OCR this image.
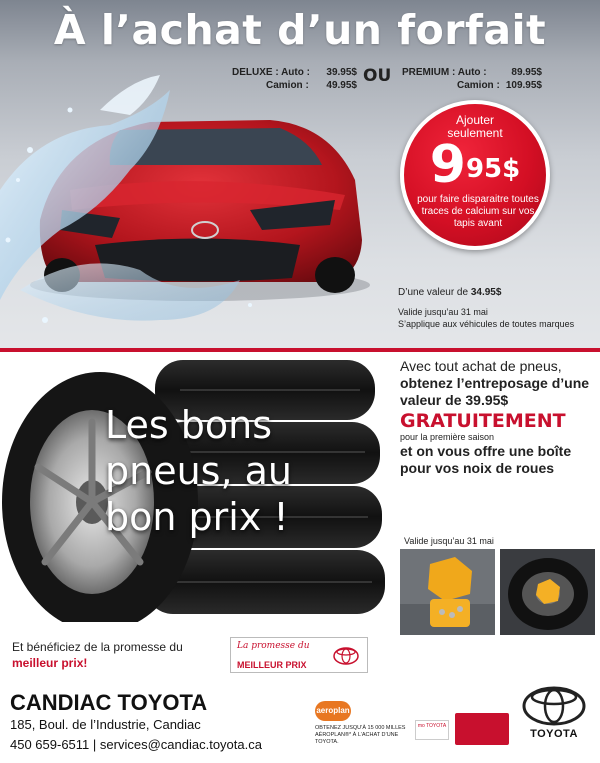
À l’achat d’un forfait
DELUXE : Auto : 39.95$
Camion : 49.95$ OU PREMIUM : Auto : 89.95$
Camion : 109.95$
Ajouter
seulement
$9^{95\$}$
pour faire disparaitre toutes traces de calcium sur vos tapis avant
D’une valeur de 34.95$
Valide jusqu’au 31 mai
S’applique aux véhicules de toutes marques
Les bons pneus, au bon prix !
Avec tout achat de pneus,
obtenez l’entreposage d’une valeur de 39.95$
GRATUITEMENT
pour la première saison
et on vous offre une boîte pour vos noix de roues
Valide jusqu’au 31 mai
Et bénéficiez de la promesse du
meilleur prix!
La promesse du
MEILLEUR PRIX
CANDIAC TOYOTA
185, Boul. de l’Industrie, Candiac
450 659-6511 | services@candiac.toyota.ca
aeroplan
OBTENEZ JUSQU’À 15 000 MILLES AÉROPLAN®* À L’ACHAT D’UNE TOYOTA.
mo TOYOTA
TOYOTA
